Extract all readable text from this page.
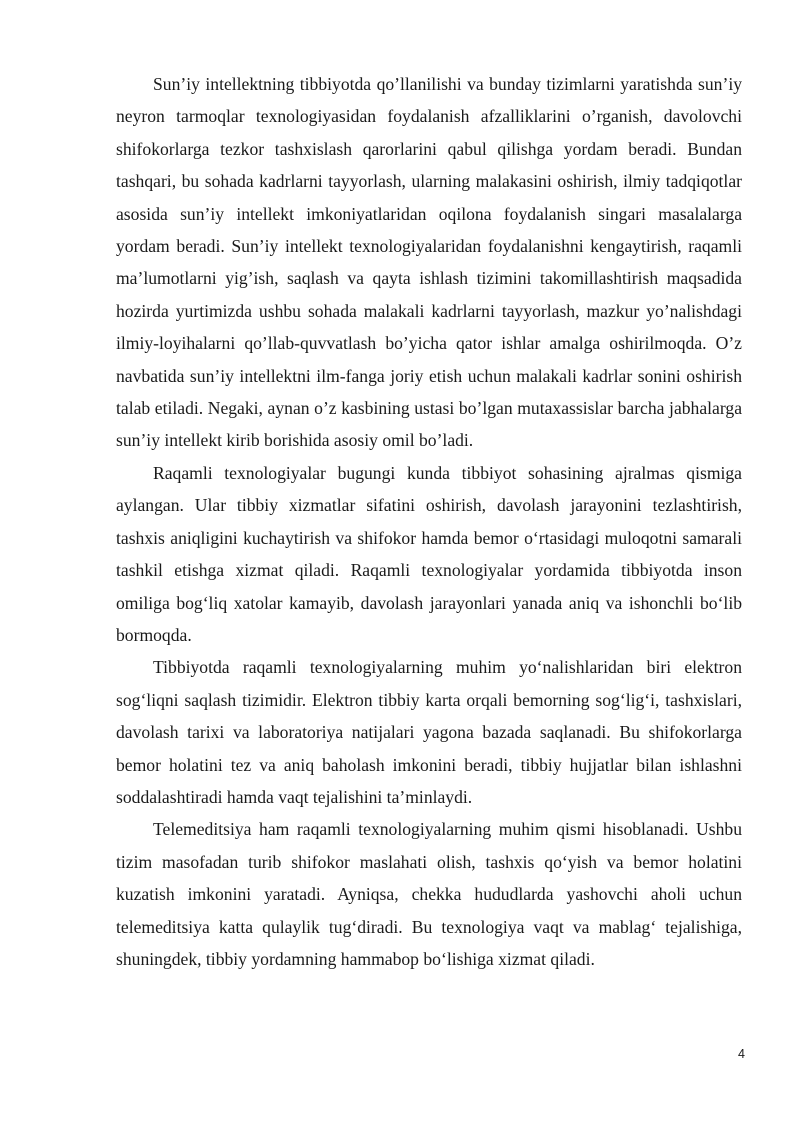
Sun’iy intellektning tibbiyotda qo’llanilishi va bunday tizimlarni yaratishda sun’iy neyron tarmoqlar texnologiyasidan foydalanish afzalliklarini o’rganish, davolovchi shifokorlarga tezkor tashxislash qarorlarini qabul qilishga yordam beradi. Bundan tashqari, bu sohada kadrlarni tayyorlash, ularning malakasini oshirish, ilmiy tadqiqotlar asosida sun’iy intellekt imkoniyatlaridan oqilona foydalanish singari masalalarga yordam beradi. Sun’iy intellekt texnologiyalaridan foydalanishni kengaytirish, raqamli ma’lumotlarni yig’ish, saqlash va qayta ishlash tizimini takomillashtirish maqsadida hozirda yurtimizda ushbu sohada malakali kadrlarni tayyorlash, mazkur yo’nalishdagi ilmiy-loyihalarni qo’llab-quvvatlash bo’yicha qator ishlar amalga oshirilmoqda. O’z navbatida sun’iy intellektni ilm-fanga joriy etish uchun malakali kadrlar sonini oshirish talab etiladi. Negaki, aynan o’z kasbining ustasi bo’lgan mutaxassislar barcha jabhalarga sun’iy intellekt kirib borishida asosiy omil bo’ladi.

Raqamli texnologiyalar bugungi kunda tibbiyot sohasining ajralmas qismiga aylangan. Ular tibbiy xizmatlar sifatini oshirish, davolash jarayonini tezlashtirish, tashxis aniqligini kuchaytirish va shifokor hamda bemor o‘rtasidagi muloqotni samarali tashkil etishga xizmat qiladi. Raqamli texnologiyalar yordamida tibbiyotda inson omiliga bog‘liq xatolar kamayib, davolash jarayonlari yanada aniq va ishonchli bo‘lib bormoqda.

Tibbiyotda raqamli texnologiyalarning muhim yo‘nalishlaridan biri elektron sog‘liqni saqlash tizimidir. Elektron tibbiy karta orqali bemorning sog‘lig‘i, tashxislari, davolash tarixi va laboratoriya natijalari yagona bazada saqlanadi. Bu shifokorlarga bemor holatini tez va aniq baholash imkonini beradi, tibbiy hujjatlar bilan ishlashni soddalashtiradi hamda vaqt tejalishini ta’minlaydi.

Telemeditsiya ham raqamli texnologiyalarning muhim qismi hisoblanadi. Ushbu tizim masofadan turib shifokor maslahati olish, tashxis qo‘yish va bemor holatini kuzatish imkonini yaratadi. Ayniqsa, chekka hududlarda yashovchi aholi uchun telemeditsiya katta qulaylik tug‘diradi. Bu texnologiya vaqt va mablag‘ tejalishiga, shuningdek, tibbiy yordamning hammabop bo‘lishiga xizmat qiladi.

4
